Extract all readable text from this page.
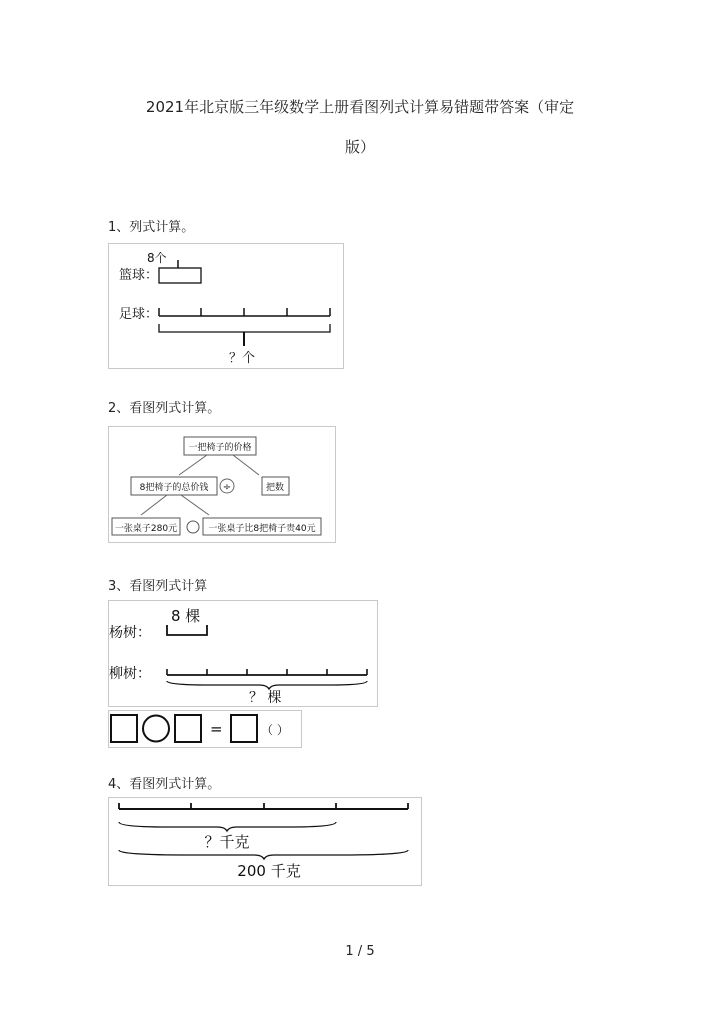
2021年北京版三年级数学上册看图列式计算易错题带答案（审定
版）
1、列式计算。
8个
篮球：
足球：
？个
2、看图列式计算。
一把椅子的价格
8把椅子的总价钱 ÷	把数
一张桌子280元	一张桌子比8把椅子贵40元
3、看图列式计算
8 棵
杨树：
柳树：
？ 棵
=	（ ）
4、看图列式计算。
？千克
200 千克
1 / 5
